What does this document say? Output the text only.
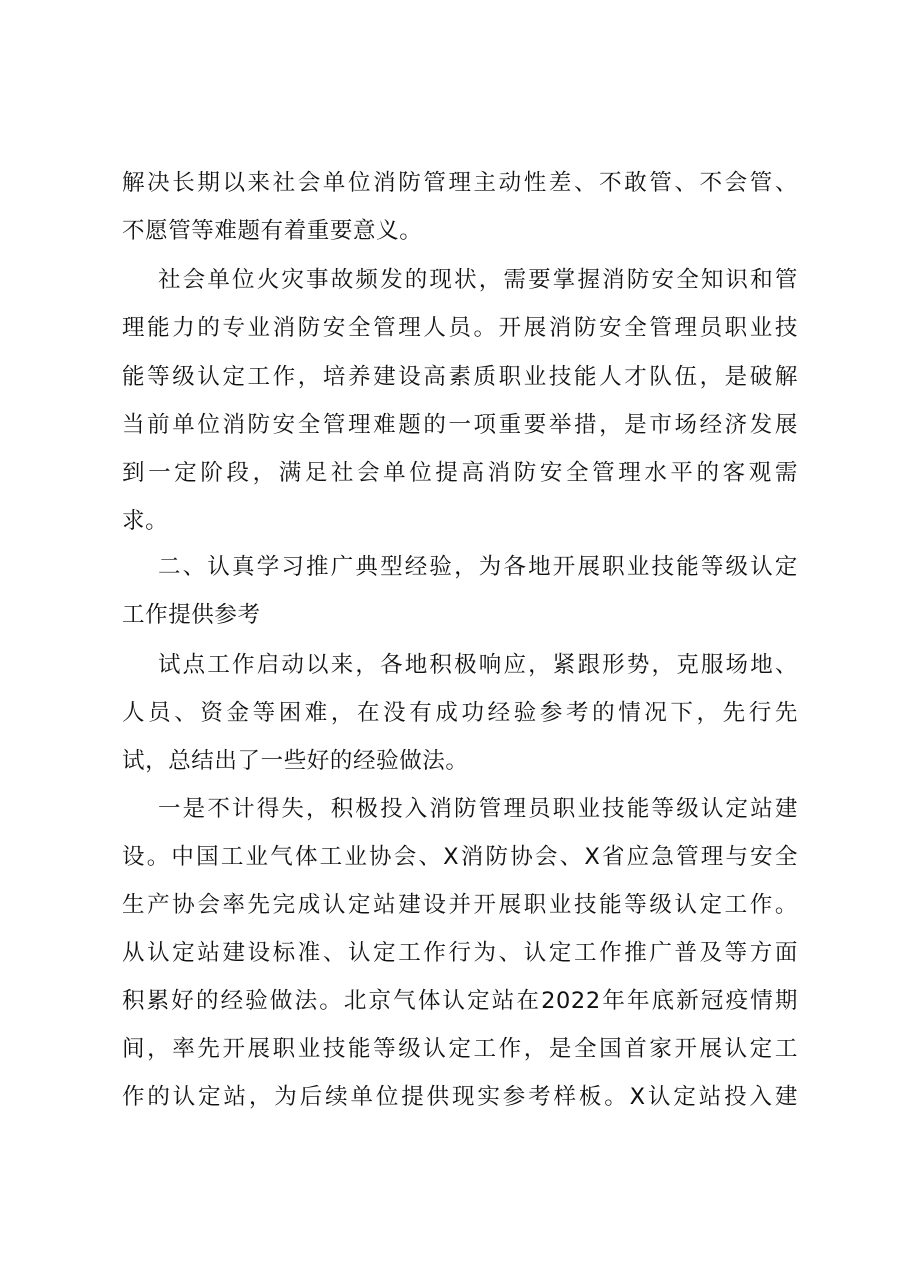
解决长期以来社会单位消防管理主动性差、不敢管、不会管、
不愿管等难题有着重要意义。
社会单位火灾事故频发的现状，需要掌握消防安全知识和管
理能力的专业消防安全管理人员。开展消防安全管理员职业技
能等级认定工作，培养建设高素质职业技能人才队伍，是破解
当前单位消防安全管理难题的一项重要举措，是市场经济发展
到一定阶段，满足社会单位提高消防安全管理水平的客观需
求。
二、认真学习推广典型经验，为各地开展职业技能等级认定
工作提供参考
试点工作启动以来，各地积极响应，紧跟形势，克服场地、
人员、资金等困难，在没有成功经验参考的情况下，先行先
试，总结出了一些好的经验做法。
一是不计得失，积极投入消防管理员职业技能等级认定站建
设。中国工业气体工业协会、X消防协会、X省应急管理与安全
生产协会率先完成认定站建设并开展职业技能等级认定工作。
从认定站建设标准、认定工作行为、认定工作推广普及等方面
积累好的经验做法。北京气体认定站在2022年年底新冠疫情期
间，率先开展职业技能等级认定工作，是全国首家开展认定工
作的认定站，为后续单位提供现实参考样板。X认定站投入建
